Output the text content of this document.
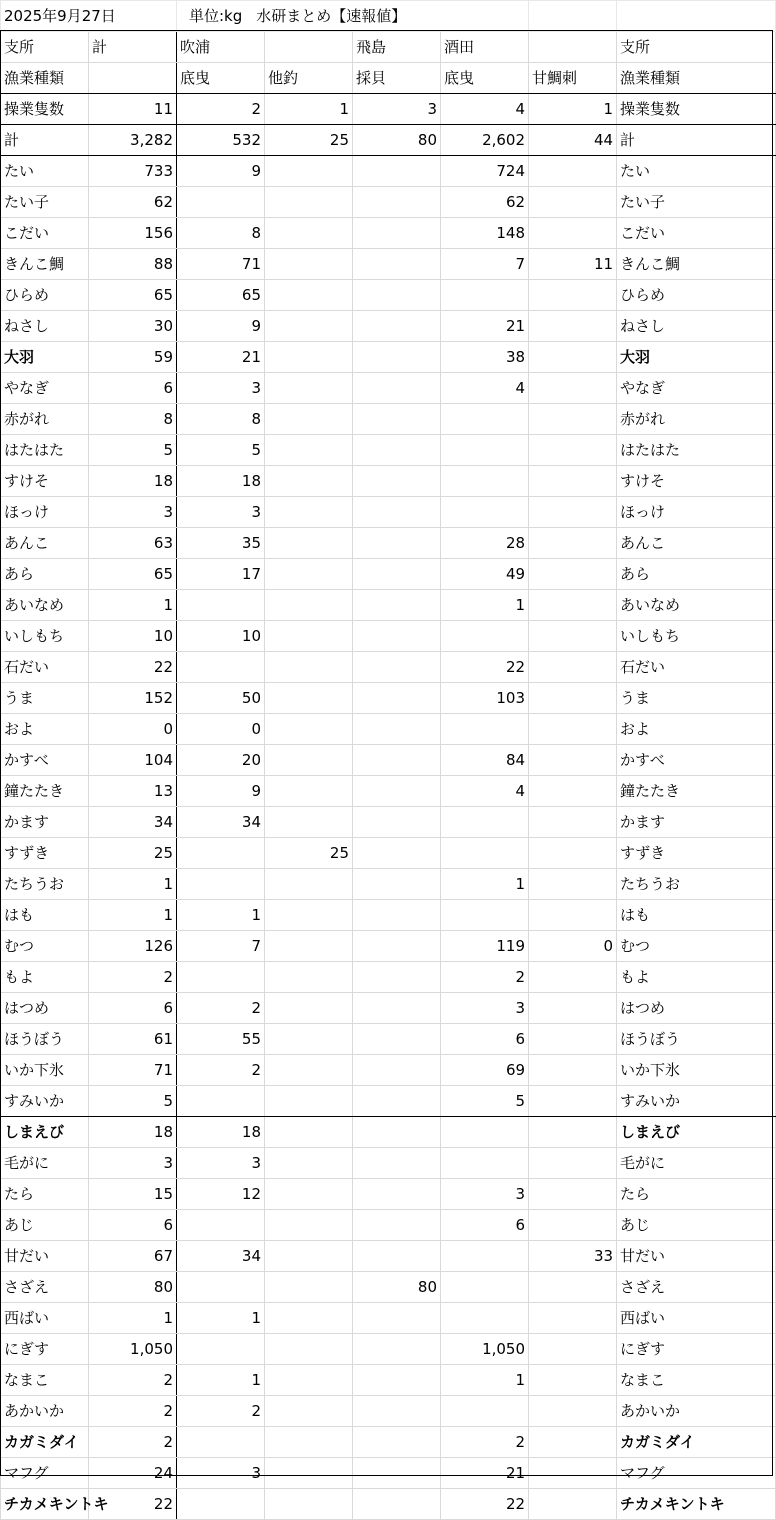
2025年9月27日		単位:kg 水研まとめ【速報値】					
支所	計	吹浦		飛島	酒田		支所
漁業種類		底曳	他釣	採貝	底曳	甘鯛刺	漁業種類
操業隻数	11	2	1	3	4	1	操業隻数
計	3,282	532	25	80	2,602	44	計
たい	733	9			724		たい
たい子	62				62		たい子
こだい	156	8			148		こだい
きんこ鯛	88	71			7	11	きんこ鯛
ひらめ	65	65					ひらめ
ねさし	30	9			21		ねさし
大羽	59	21			38		大羽
やなぎ	6	3			4		やなぎ
赤がれ	8	8					赤がれ
はたはた	5	5					はたはた
すけそ	18	18					すけそ
ほっけ	3	3					ほっけ
あんこ	63	35			28		あんこ
あら	65	17			49		あら
あいなめ	1				1		あいなめ
いしもち	10	10					いしもち
石だい	22				22		石だい
うま	152	50			103		うま
およ	0	0					およ
かすべ	104	20			84		かすべ
鐘たたき	13	9			4		鐘たたき
かます	34	34					かます
すずき	25		25				すずき
たちうお	1				1		たちうお
はも	1	1					はも
むつ	126	7			119	0	むつ
もよ	2				2		もよ
はつめ	6	2			3		はつめ
ほうぼう	61	55			6		ほうぼう
いか下氷	71	2			69		いか下氷
すみいか	5				5		すみいか
しまえび	18	18					しまえび
毛がに	3	3					毛がに
たら	15	12			3		たら
あじ	6				6		あじ
甘だい	67	34				33	甘だい
さざえ	80			80			さざえ
西ばい	1	1					西ばい
にぎす	1,050				1,050		にぎす
なまこ	2	1			1		なまこ
あかいか	2	2					あかいか
カガミダイ	2				2		カガミダイ
マフグ	24	3			21		マフグ
チカメキントキ	22				22		チカメキントキ
